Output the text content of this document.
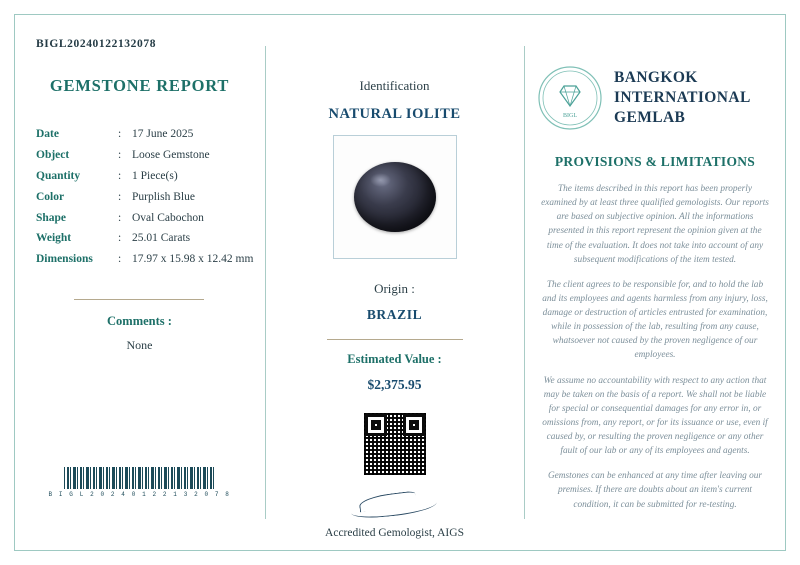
BIGL20240122132078
GEMSTONE REPORT
Date	:	17 June 2025
Object	:	Loose Gemstone
Quantity	:	1 Piece(s)
Color	:	Purplish Blue
Shape	:	Oval Cabochon
Weight	:	25.01 Carats
Dimensions	:	17.97 x 15.98 x 12.42 mm
Comments :
None
B I G L 2 0 2 4 0 1 2 2 1 3 2 0 7 8
Identification
NATURAL IOLITE
Origin :
BRAZIL
Estimated Value :
$2,375.95
Accredited Gemologist, AIGS
BIGL
BANGKOK
INTERNATIONAL
GEMLAB
PROVISIONS & LIMITATIONS

The items described in this report has been properly examined by at least three qualified gemologists. Our reports are based on subjective opinion. All the informations presented in this report represent the opinion given at the time of the evaluation. It does not take into account of any subsequent modifications of the item tested.

The client agrees to be responsible for, and to hold the lab and its employees and agents harmless from any injury, loss, damage or destruction of articles entrusted for examination, while in possession of the lab, resulting from any cause, whatsoever not caused by the proven negligence of our employees.

We assume no accountability with respect to any action that may be taken on the basis of a report. We shall not be liable for special or consequential damages for any error in, or omissions from, any report, or for its issuance or use, even if caused by, or resulting the proven negligence or any other fault of our lab or any of its employees and agents.

Gemstones can be enhanced at any time after leaving our premises. If there are doubts about an item's current condition, it can be submitted for re-testing.
